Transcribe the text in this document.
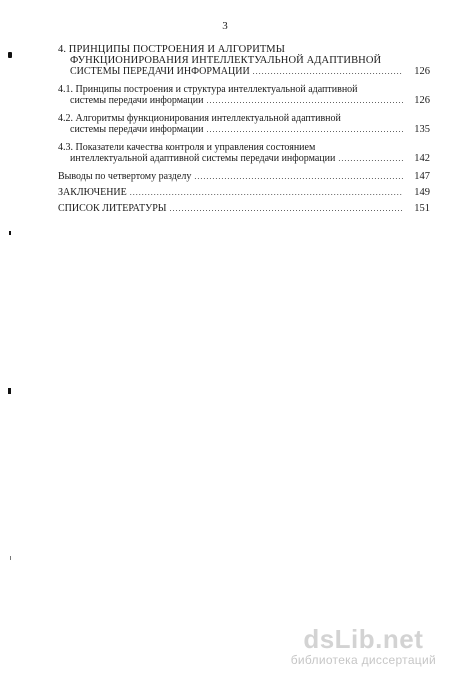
3
4. ПРИНЦИПЫ ПОСТРОЕНИЯ И АЛГОРИТМЫ
ФУНКЦИОНИРОВАНИЯ ИНТЕЛЛЕКТУАЛЬНОЙ АДАПТИВНОЙ
СИСТЕМЫ ПЕРЕДАЧИ ИНФОРМАЦИИ .....	126
4.1. Принципы построения и структура интеллектуальной адаптивной
системы передачи информации .....	126
4.2. Алгоритмы функционирования интеллектуальной адаптивной
системы передачи информации .....	135
4.3. Показатели качества контроля и управления состоянием
интеллектуальной адаптивной системы передачи информации .....	142
Выводы по четвертому разделу .....	147
ЗАКЛЮЧЕНИЕ .....	149
СПИСОК ЛИТЕРАТУРЫ .....	151
dsLib.net
библиотека диссертаций
